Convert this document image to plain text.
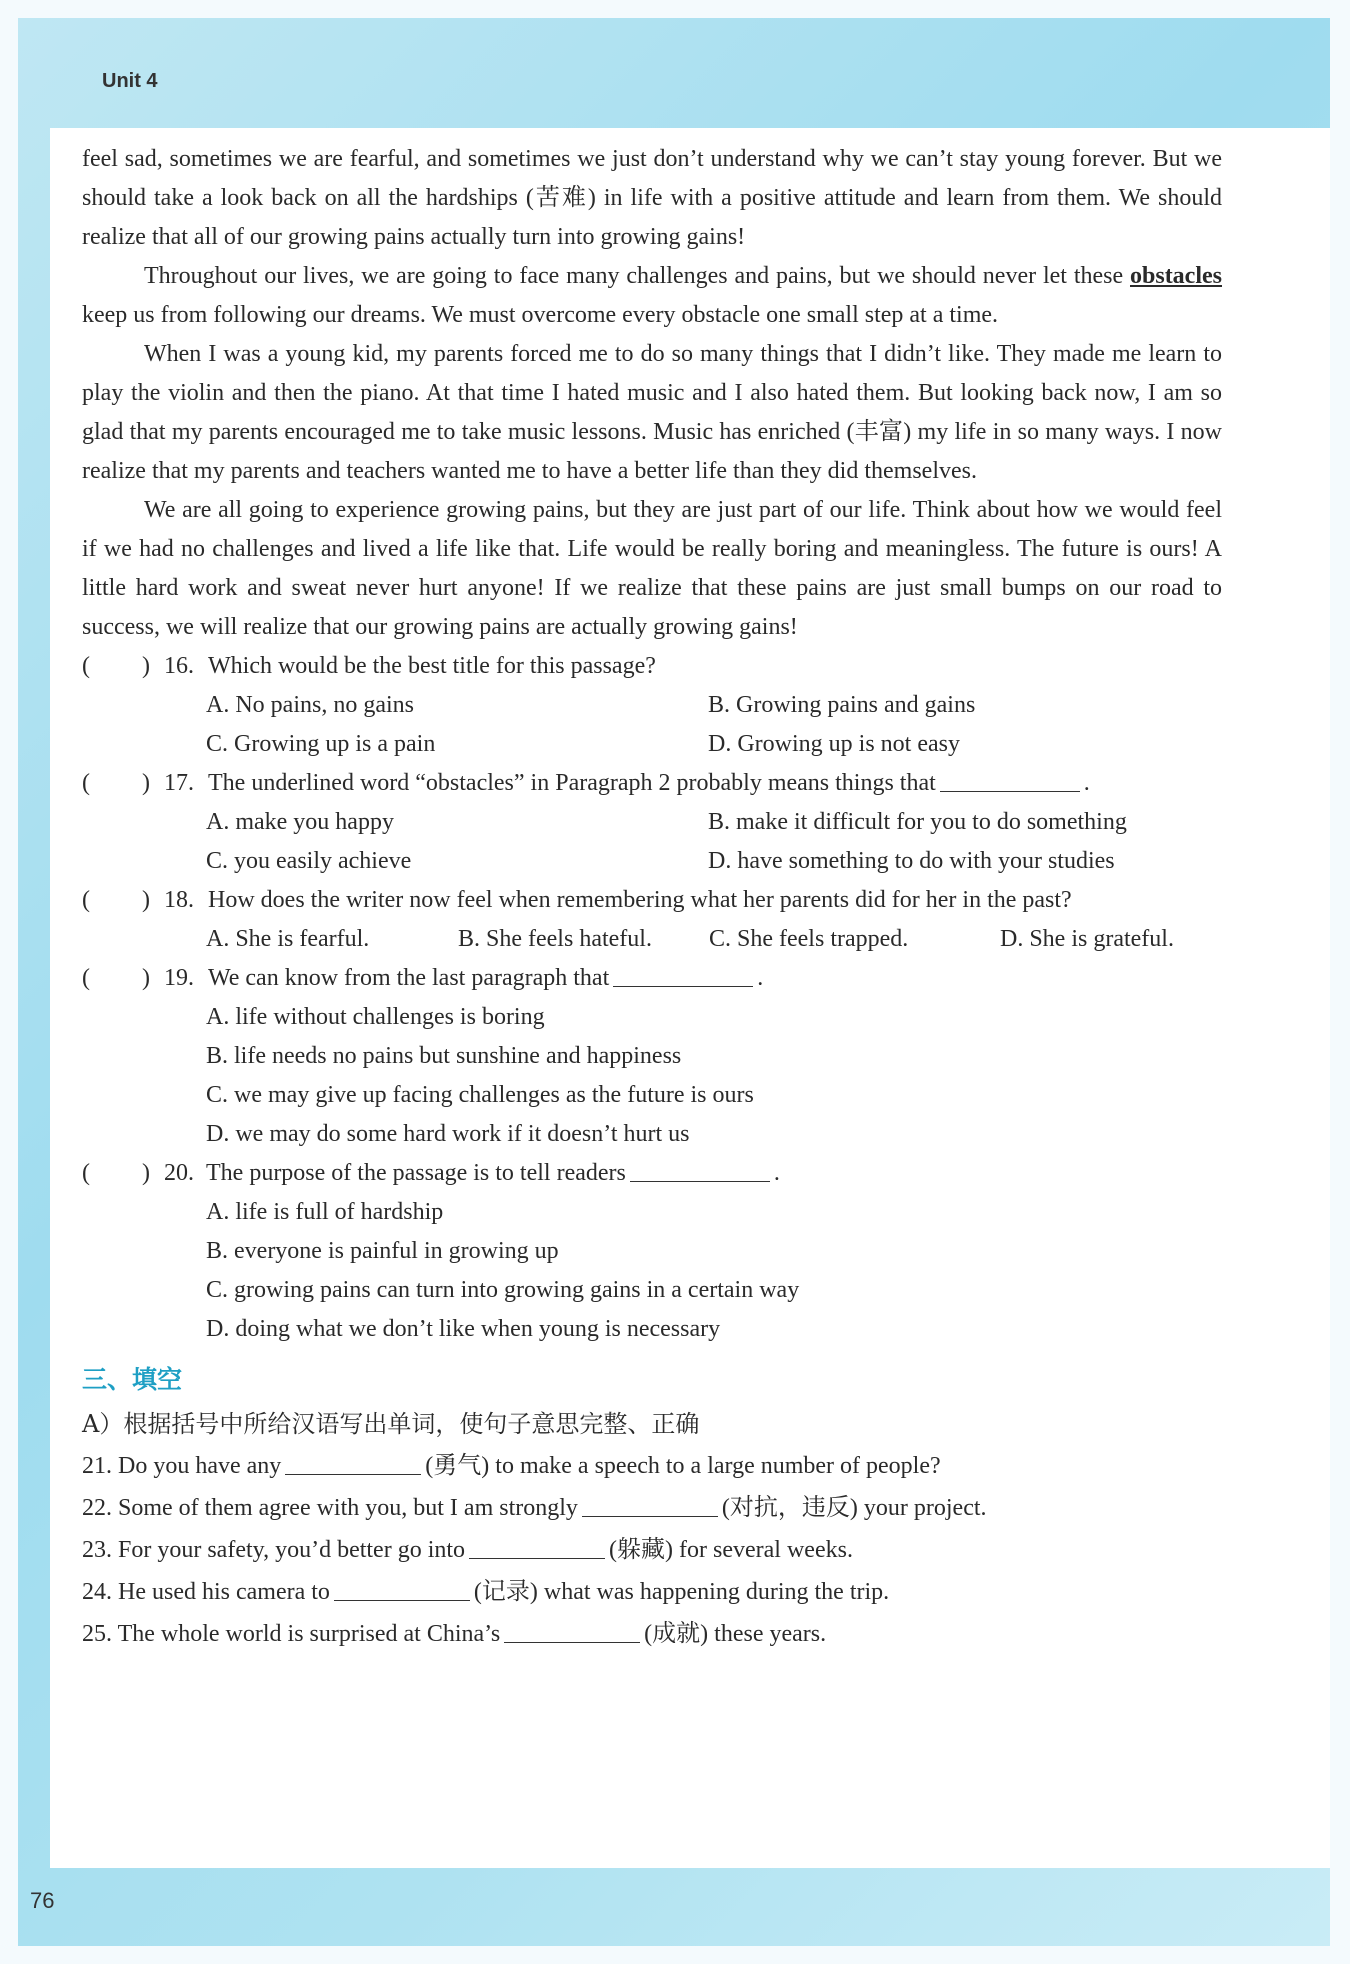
Unit 4

feel sad, sometimes we are fearful, and sometimes we just don’t understand why we can’t stay young forever. But we should take a look back on all the hardships (苦难) in life with a positive attitude and learn from them. We should realize that all of our growing pains actually turn into growing gains!

Throughout our lives, we are going to face many challenges and pains, but we should never let these obstacles keep us from following our dreams. We must overcome every obstacle one small step at a time.

When I was a young kid, my parents forced me to do so many things that I didn’t like. They made me learn to play the violin and then the piano. At that time I hated music and I also hated them. But looking back now, I am so glad that my parents encouraged me to take music lessons. Music has enriched (丰富) my life in so many ways. I now realize that my parents and teachers wanted me to have a better life than they did themselves.

We are all going to experience growing pains, but they are just part of our life. Think about how we would feel if we had no challenges and lived a life like that. Life would be really boring and meaningless. The future is ours! A little hard work and sweat never hurt anyone! If we realize that these pains are just small bumps on our road to success, we will realize that our growing pains are actually growing gains!

( ) 16. Which would be the best title for this passage?
A. No pains, no gains	B. Growing pains and gains
C. Growing up is a pain	D. Growing up is not easy
( ) 17. The underlined word “obstacles” in Paragraph 2 probably means things that	.
A. make you happy	B. make it difficult for you to do something
C. you easily achieve	D. have something to do with your studies
( ) 18. How does the writer now feel when remembering what her parents did for her in the past?
A. She is fearful.	B. She feels hateful. C. She feels trapped.	D. She is grateful.
( ) 19. We can know from the last paragraph that	.
A. life without challenges is boring
B. life needs no pains but sunshine and happiness
C. we may give up facing challenges as the future is ours
D. we may do some hard work if it doesn’t hurt us
( ) 20. The purpose of the passage is to tell readers	.
A. life is full of hardship
B. everyone is painful in growing up
C. growing pains can turn into growing gains in a certain way
D. doing what we don’t like when young is necessary
三、填空
A）根据括号中所给汉语写出单词，使句子意思完整、正确
21. Do you have any	(勇气) to make a speech to a large number of people?
22. Some of them agree with you, but I am strongly	(对抗，违反) your project.
23. For your safety, you’d better go into	(躲藏) for several weeks.
24. He used his camera to	(记录) what was happening during the trip.
25. The whole world is surprised at China’s	(成就) these years.
76
